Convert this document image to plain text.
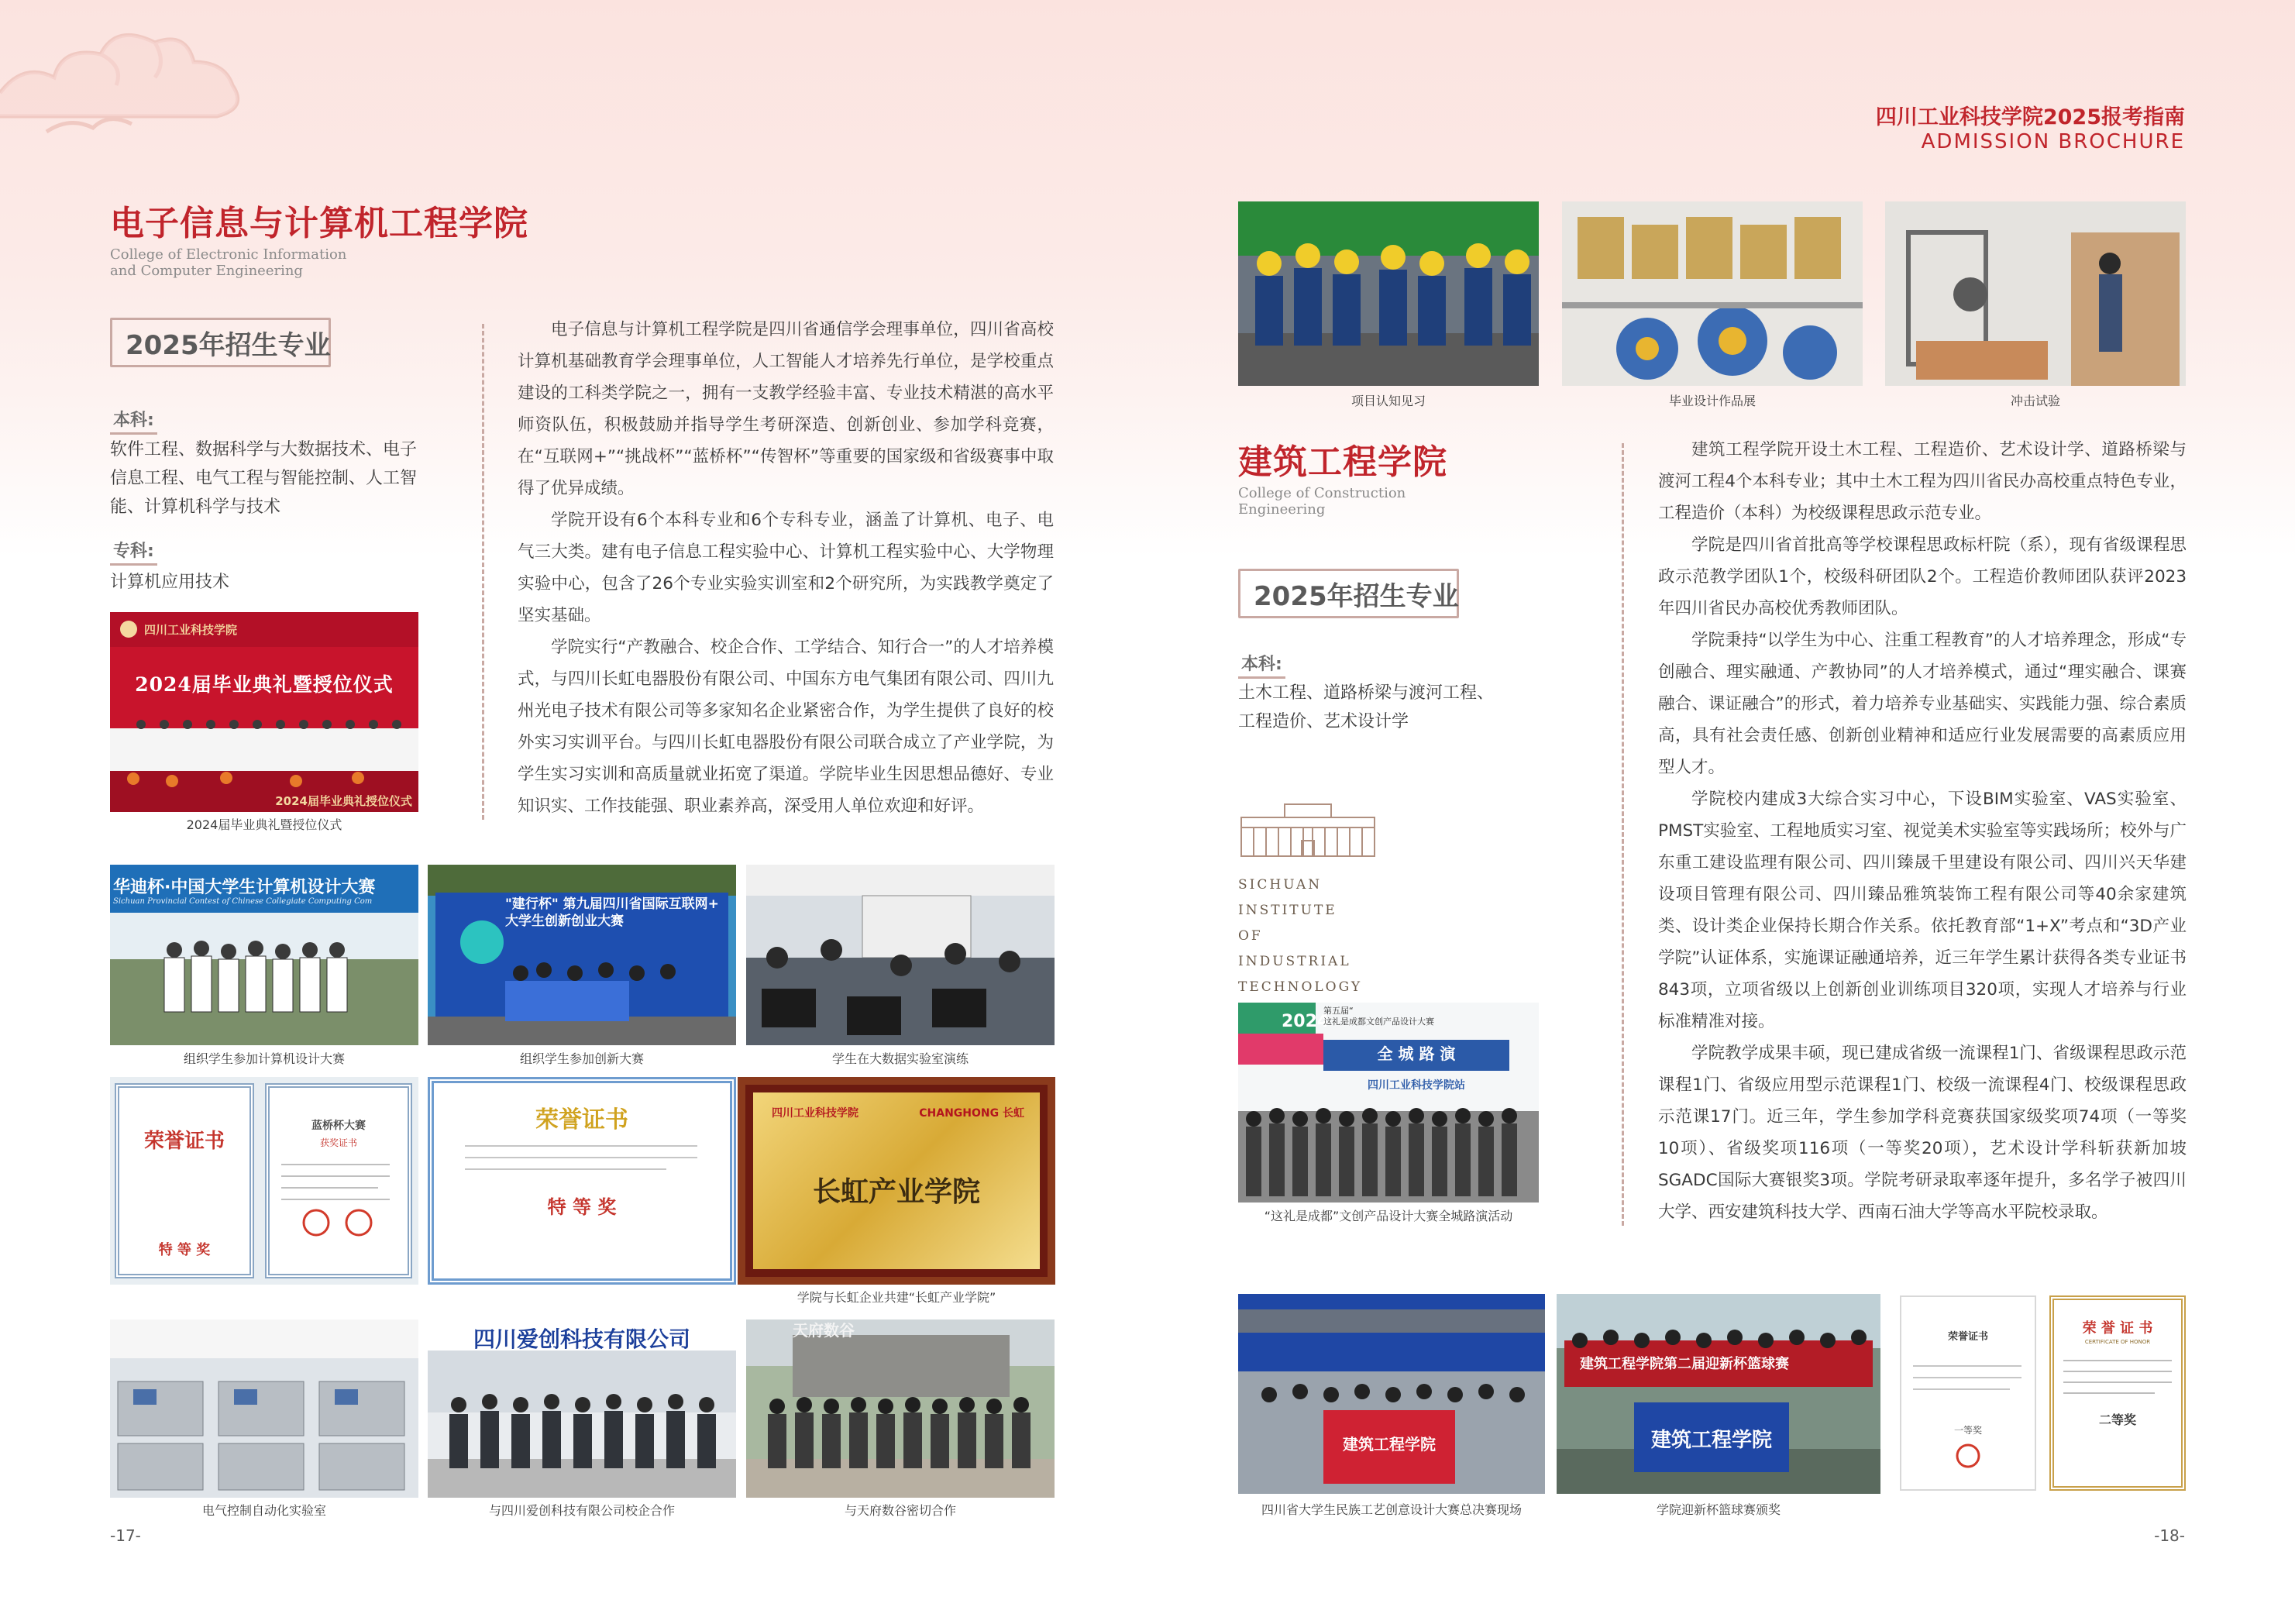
四川工业科技学院2025报考指南
ADMISSION BROCHURE
电子信息与计算机工程学院
College of Electronic Information
and Computer Engineering
2025年招生专业
本科:
软件工程、数据科学与大数据技术、电子
信息工程、电气工程与智能控制、人工智
能、计算机科学与技术
专科:
计算机应用技术
四川工业科技学院
2024届毕业典礼暨授位仪式
2024届毕业典礼授位仪式
2024届毕业典礼暨授位仪式

电子信息与计算机工程学院是四川省通信学会理事单位，四川省高校计算机基础教育学会理事单位，人工智能人才培养先行单位，是学校重点建设的工科类学院之一，拥有一支教学经验丰富、专业技术精湛的高水平师资队伍，积极鼓励并指导学生考研深造、创新创业、参加学科竞赛，在“互联网+”“挑战杯”“蓝桥杯”“传智杯”等重要的国家级和省级赛事中取得了优异成绩。

学院开设有6个本科专业和6个专科专业，涵盖了计算机、电子、电气三大类。建有电子信息工程实验中心、计算机工程实验中心、大学物理实验中心，包含了26个专业实验实训室和2个研究所，为实践教学奠定了坚实基础。

学院实行“产教融合、校企合作、工学结合、知行合一”的人才培养模式，与四川长虹电器股份有限公司、中国东方电气集团有限公司、四川九州光电子技术有限公司等多家知名企业紧密合作，为学生提供了良好的校外实习实训平台。与四川长虹电器股份有限公司联合成立了产业学院，为学生实习实训和高质量就业拓宽了渠道。学院毕业生因思想品德好、专业知识实、工作技能强、职业素养高，深受用人单位欢迎和好评。

华迪杯·中国大学生计算机设计大赛
Sichuan Provincial Contest of Chinese Collegiate Computing Com	"建行杯" 第九届四川省国际互联网+ 大学生创新创业大赛
组织学生参加计算机设计大赛	组织学生参加创新大赛	学生在大数据实验室演练
荣誉证书
特 等 奖
蓝桥杯大赛
获奖证书
荣誉证书
特 等 奖
四川工业科技学院	CHANGHONG 长虹
长虹产业学院
学院与长虹企业共建“长虹产业学院”
四川爱创科技有限公司	天府数谷
电气控制自动化实验室	与四川爱创科技有限公司校企合作	与天府数谷密切合作
-17-
项目认知见习	毕业设计作品展	冲击试验
建筑工程学院
College of Construction
Engineering
2025年招生专业
本科:
土木工程、道路桥梁与渡河工程、
工程造价、艺术设计学
SICHUAN
INSTITUTE
OF
INDUSTRIAL
TECHNOLOGY
2024
第五届“
这礼是成都文创产品设计大赛
全 城 路 演
四川工业科技学院站
“这礼是成都”文创产品设计大赛全城路演活动

建筑工程学院开设土木工程、工程造价、艺术设计学、道路桥梁与渡河工程4个本科专业；其中土木工程为四川省民办高校重点特色专业，工程造价（本科）为校级课程思政示范专业。

学院是四川省首批高等学校课程思政标杆院（系），现有省级课程思政示范教学团队1个，校级科研团队2个。工程造价教师团队获评2023年四川省民办高校优秀教师团队。

学院秉持“以学生为中心、注重工程教育”的人才培养理念，形成“专创融合、理实融通、产教协同”的人才培养模式，通过“理实融合、课赛融合、课证融合”的形式，着力培养专业基础实、实践能力强、综合素质高，具有社会责任感、创新创业精神和适应行业发展需要的高素质应用型人才。

学院校内建成3大综合实习中心，下设BIM实验室、VAS实验室、PMST实验室、工程地质实习室、视觉美术实验室等实践场所；校外与广东重工建设监理有限公司、四川臻晟千里建设有限公司、四川兴天华建设项目管理有限公司、四川臻品雅筑装饰工程有限公司等40余家建筑类、设计类企业保持长期合作关系。依托教育部“1+X”考点和“3D产业学院”认证体系，实施课证融通培养，近三年学生累计获得各类专业证书843项，立项省级以上创新创业训练项目320项，实现人才培养与行业标准精准对接。

学院教学成果丰硕，现已建成省级一流课程1门、省级课程思政示范课程1门、省级应用型示范课程1门、校级一流课程4门、校级课程思政示范课17门。近三年，学生参加学科竞赛获国家级奖项74项（一等奖10项）、省级奖项116项（一等奖20项），艺术设计学科斩获新加坡SGADC国际大赛银奖3项。学院考研录取率逐年提升，多名学子被四川大学、西安建筑科技大学、西南石油大学等高水平院校录取。

建筑工程学院
建筑工程学院第二届迎新杯篮球赛
建筑工程学院
荣誉证书
一等奖
荣 誉 证 书
CERTIFICATE OF HONOR
二等奖
四川省大学生民族工艺创意设计大赛总决赛现场	学院迎新杯篮球赛颁奖
-18-
